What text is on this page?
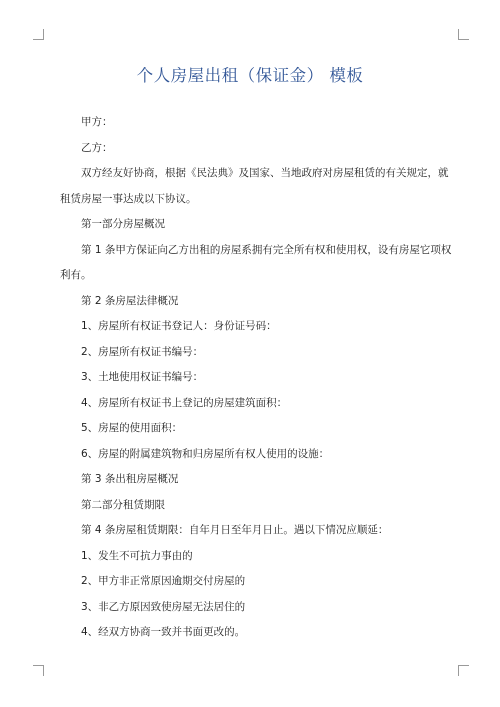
个人房屋出租（保证金） 模板

甲方：

乙方：

双方经友好协商，根据《民法典》及国家、当地政府对房屋租赁的有关规定，就

租赁房屋一事达成以下协议。

第一部分房屋概况

第 1 条甲方保证向乙方出租的房屋系拥有完全所有权和使用权，设有房屋它项权

利有。

第 2 条房屋法律概况

1、房屋所有权证书登记人：身份证号码：

2、房屋所有权证书编号：

3、土地使用权证书编号：

4、房屋所有权证书上登记的房屋建筑面积：

5、房屋的使用面积：

6、房屋的附属建筑物和归房屋所有权人使用的设施：

第 3 条出租房屋概况

第二部分租赁期限

第 4 条房屋租赁期限：自年月日至年月日止。遇以下情况应顺延：

1、发生不可抗力事由的

2、甲方非正常原因逾期交付房屋的

3、非乙方原因致使房屋无法居住的

4、经双方协商一致并书面更改的。
